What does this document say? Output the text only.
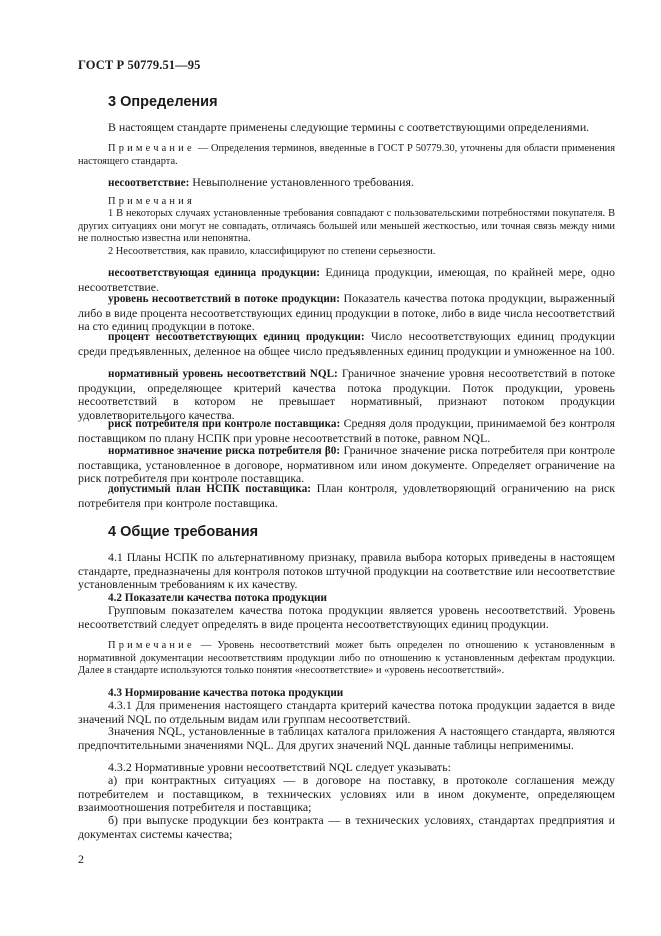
ГОСТ Р 50779.51—95
3 Определения

В настоящем стандарте применены следующие термины с соответствующими определениями.

Примечание — Определения терминов, введенные в ГОСТ Р 50779.30, уточнены для области применения настоящего стандарта.

несоответствие: Невыполнение установленного требования.

Примечания

1 В некоторых случаях установленные требования совпадают с пользовательскими потребностями покупателя. В других ситуациях они могут не совпадать, отличаясь большей или меньшей жесткостью, или точная связь между ними не полностью известна или непонятна.

2 Несоответствия, как правило, классифицируют по степени серьезности.

несоответствующая единица продукции: Единица продукции, имеющая, по крайней мере, одно несоответствие.

уровень несоответствий в потоке продукции: Показатель качества потока продукции, выраженный либо в виде процента несоответствующих единиц продукции в потоке, либо в виде числа несоответствий на сто единиц продукции в потоке.

процент несоответствующих единиц продукции: Число несоответствующих единиц продукции среди предъявленных, деленное на общее число предъявленных единиц продукции и умноженное на 100.

нормативный уровень несоответствий NQL: Граничное значение уровня несоответствий в потоке продукции, определяющее критерий качества потока продукции. Поток продукции, уровень несоответствий в котором не превышает нормативный, признают потоком продукции удовлетворительного качества.

риск потребителя при контроле поставщика: Средняя доля продукции, принимаемой без контроля поставщиком по плану НСПК при уровне несоответствий в потоке, равном NQL.

нормативное значение риска потребителя β0: Граничное значение риска потребителя при контроле поставщика, установленное в договоре, нормативном или ином документе. Определяет ограничение на риск потребителя при контроле поставщика.

допустимый план НСПК поставщика: План контроля, удовлетворяющий ограничению на риск потребителя при контроле поставщика.

4 Общие требования

4.1 Планы НСПК по альтернативному признаку, правила выбора которых приведены в настоящем стандарте, предназначены для контроля потоков штучной продукции на соответствие или несоответствие установленным требованиям к их качеству.

4.2 Показатели качества потока продукции

Групповым показателем качества потока продукции является уровень несоответствий. Уровень несоответствий следует определять в виде процента несоответствующих единиц продукции.

Примечание — Уровень несоответствий может быть определен по отношению к установленным в нормативной документации несоответствиям продукции либо по отношению к установленным дефектам продукции. Далее в стандарте используются только понятия «несоответствие» и «уровень несоответствий».

4.3 Нормирование качества потока продукции

4.3.1 Для применения настоящего стандарта критерий качества потока продукции задается в виде значений NQL по отдельным видам или группам несоответствий.

Значения NQL, установленные в таблицах каталога приложения А настоящего стандарта, являются предпочтительными значениями NQL. Для других значений NQL данные таблицы неприменимы.

4.3.2 Нормативные уровни несоответствий NQL следует указывать:

а) при контрактных ситуациях — в договоре на поставку, в протоколе соглашения между потребителем и поставщиком, в технических условиях или в ином документе, определяющем взаимоотношения потребителя и поставщика;

б) при выпуске продукции без контракта — в технических условиях, стандартах предприятия и документах системы качества;

2
